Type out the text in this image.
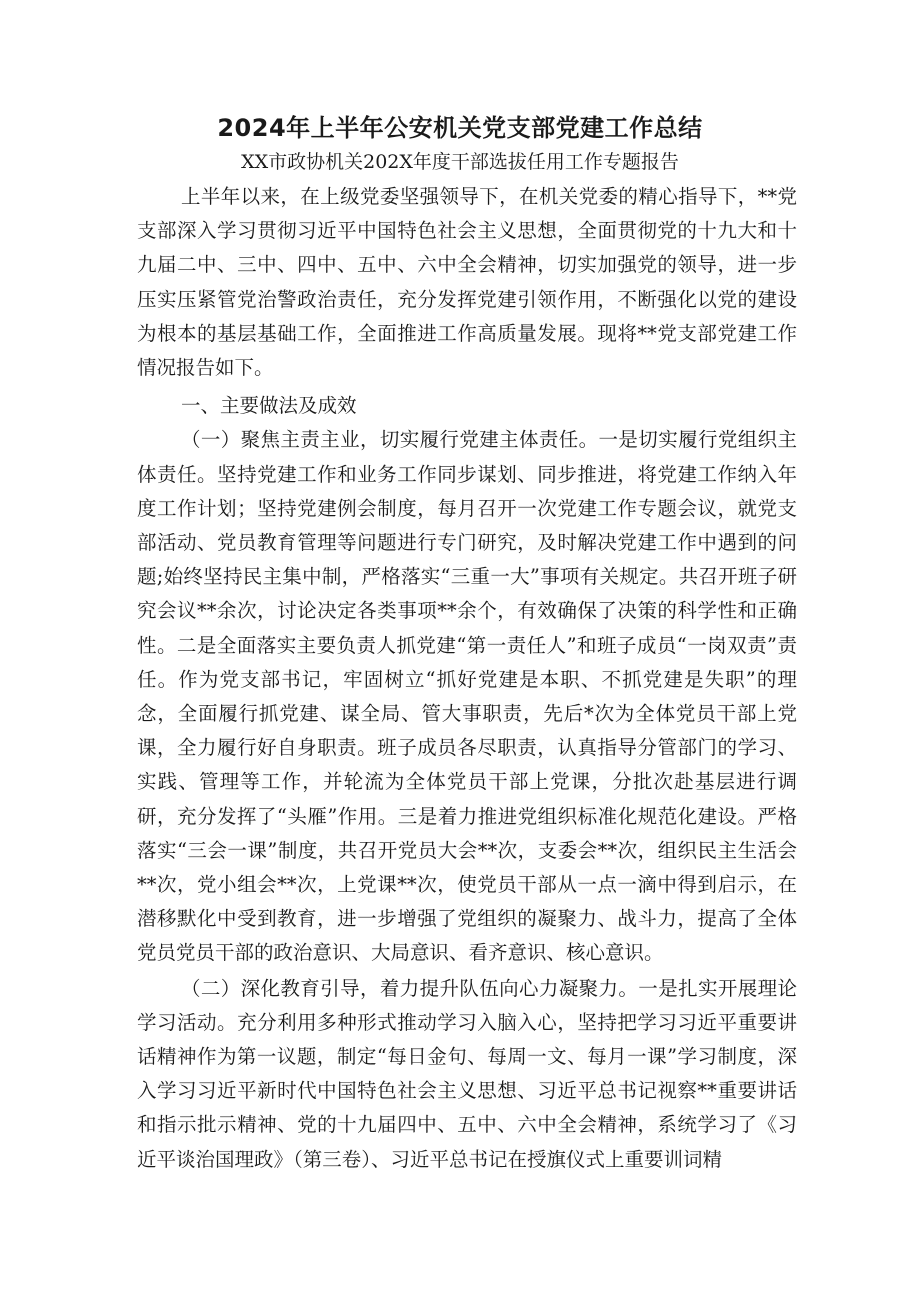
2024年上半年公安机关党支部党建工作总结
XX市政协机关202X年度干部选拔任用工作专题报告

上半年以来，在上级党委坚强领导下，在机关党委的精心指导下，**党支部深入学习贯彻习近平中国特色社会主义思想，全面贯彻党的十九大和十九届二中、三中、四中、五中、六中全会精神，切实加强党的领导，进一步压实压紧管党治警政治责任，充分发挥党建引领作用，不断强化以党的建设为根本的基层基础工作，全面推进工作高质量发展。现将**党支部党建工作情况报告如下。

一、主要做法及成效

（一）聚焦主责主业，切实履行党建主体责任。一是切实履行党组织主体责任。坚持党建工作和业务工作同步谋划、同步推进，将党建工作纳入年度工作计划；坚持党建例会制度，每月召开一次党建工作专题会议，就党支部活动、党员教育管理等问题进行专门研究，及时解决党建工作中遇到的问题;始终坚持民主集中制，严格落实“三重一大”事项有关规定。共召开班子研究会议**余次，讨论决定各类事项**余个，有效确保了决策的科学性和正确性。二是全面落实主要负责人抓党建“第一责任人”和班子成员“一岗双责”责任。作为党支部书记，牢固树立“抓好党建是本职、不抓党建是失职”的理念，全面履行抓党建、谋全局、管大事职责，先后*次为全体党员干部上党课，全力履行好自身职责。班子成员各尽职责，认真指导分管部门的学习、实践、管理等工作，并轮流为全体党员干部上党课，分批次赴基层进行调研，充分发挥了“头雁”作用。三是着力推进党组织标准化规范化建设。严格落实“三会一课”制度，共召开党员大会**次，支委会**次，组织民主生活会**次，党小组会**次，上党课**次，使党员干部从一点一滴中得到启示，在潜移默化中受到教育，进一步增强了党组织的凝聚力、战斗力，提高了全体党员党员干部的政治意识、大局意识、看齐意识、核心意识。

（二）深化教育引导，着力提升队伍向心力凝聚力。一是扎实开展理论学习活动。充分利用多种形式推动学习入脑入心，坚持把学习习近平重要讲话精神作为第一议题，制定“每日金句、每周一文、每月一课”学习制度，深入学习习近平新时代中国特色社会主义思想、习近平总书记视察**重要讲话和指示批示精神、党的十九届四中、五中、六中全会精神，系统学习了《习近平谈治国理政》（第三卷）、习近平总书记在授旗仪式上重要训词精
